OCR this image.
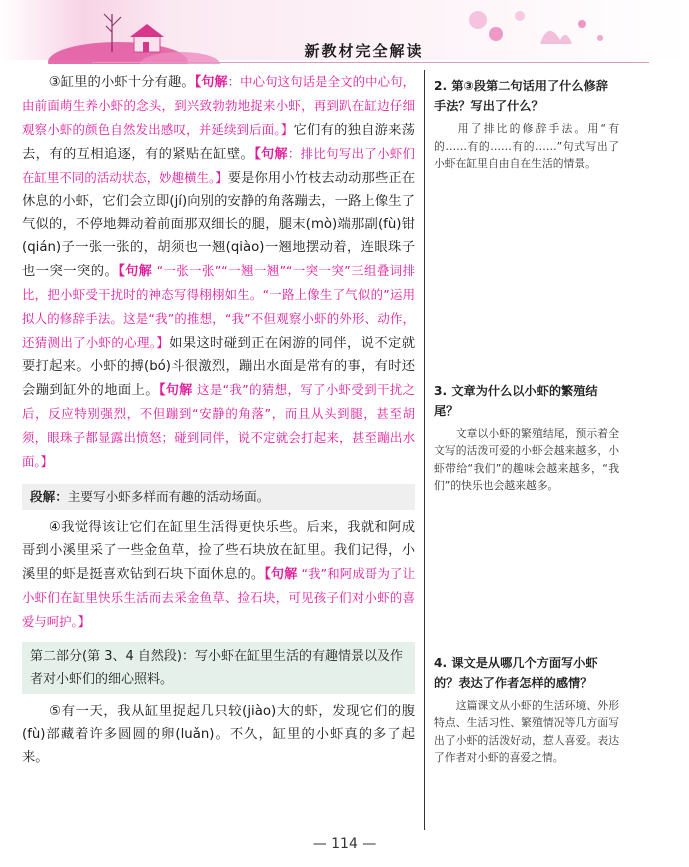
新教材完全解读

③缸里的小虾十分有趣。【句解：中心句这句话是全文的中心句，由前面萌生养小虾的念头，到兴致勃勃地捉来小虾，再到趴在缸边仔细观察小虾的颜色自然发出感叹，并延续到后面。】它们有的独自游来荡去，有的互相追逐，有的紧贴在缸壁。【句解：排比句写出了小虾们在缸里不同的活动状态，妙趣横生。】要是你用小竹枝去动动那些正在休息的小虾，它们会立即(jí)向别的安静的角落蹦去，一路上像生了气似的，不停地舞动着前面那双细长的腿，腿末(mò)端那副(fù)钳(qián)子一张一张的，胡须也一翘(qiào)一翘地摆动着，连眼珠子也一突一突的。【句解 “一张一张”“一翘一翘”“一突一突”三组叠词排比，把小虾受干扰时的神态写得栩栩如生。“一路上像生了气似的”运用拟人的修辞手法。这是“我”的推想，“我”不但观察小虾的外形、动作，还猜测出了小虾的心理。】如果这时碰到正在闲游的同伴，说不定就要打起来。小虾的搏(bó)斗很激烈，蹦出水面是常有的事，有时还会蹦到缸外的地面上。【句解 这是“我”的猜想，写了小虾受到干扰之后，反应特别强烈，不但蹦到“安静的角落”，而且从头到腿，甚至胡须，眼珠子都显露出愤怒；碰到同伴，说不定就会打起来，甚至蹦出水面。】

段解：主要写小虾多样而有趣的活动场面。

④我觉得该让它们在缸里生活得更快乐些。后来，我就和阿成哥到小溪里采了一些金鱼草，捡了些石块放在缸里。我们记得，小溪里的虾是挺喜欢钻到石块下面休息的。【句解 “我”和阿成哥为了让小虾们在缸里快乐生活而去采金鱼草、捡石块，可见孩子们对小虾的喜爱与呵护。】

第二部分(第 3、4 自然段)：写小虾在缸里生活的有趣情景以及作者对小虾们的细心照料。

⑤有一天，我从缸里捉起几只较(jiào)大的虾，发现它们的腹(fù)部藏着许多圆圆的卵(luǎn)。不久，缸里的小虾真的多了起来。

2. 第③段第二句话用了什么修辞手法？写出了什么？

用了排比的修辞手法。用“有的……有的……有的……”句式写出了小虾在缸里自由自在生活的情景。

3. 文章为什么以小虾的繁殖结尾？

文章以小虾的繁殖结尾，预示着全文写的活泼可爱的小虾会越来越多，小虾带给“我们”的趣味会越来越多，“我们”的快乐也会越来越多。

4. 课文是从哪几个方面写小虾的？表达了作者怎样的感情？

这篇课文从小虾的生活环境、外形特点、生活习性、繁殖情况等几方面写出了小虾的活泼好动，惹人喜爱。表达了作者对小虾的喜爱之情。

— 114 —
